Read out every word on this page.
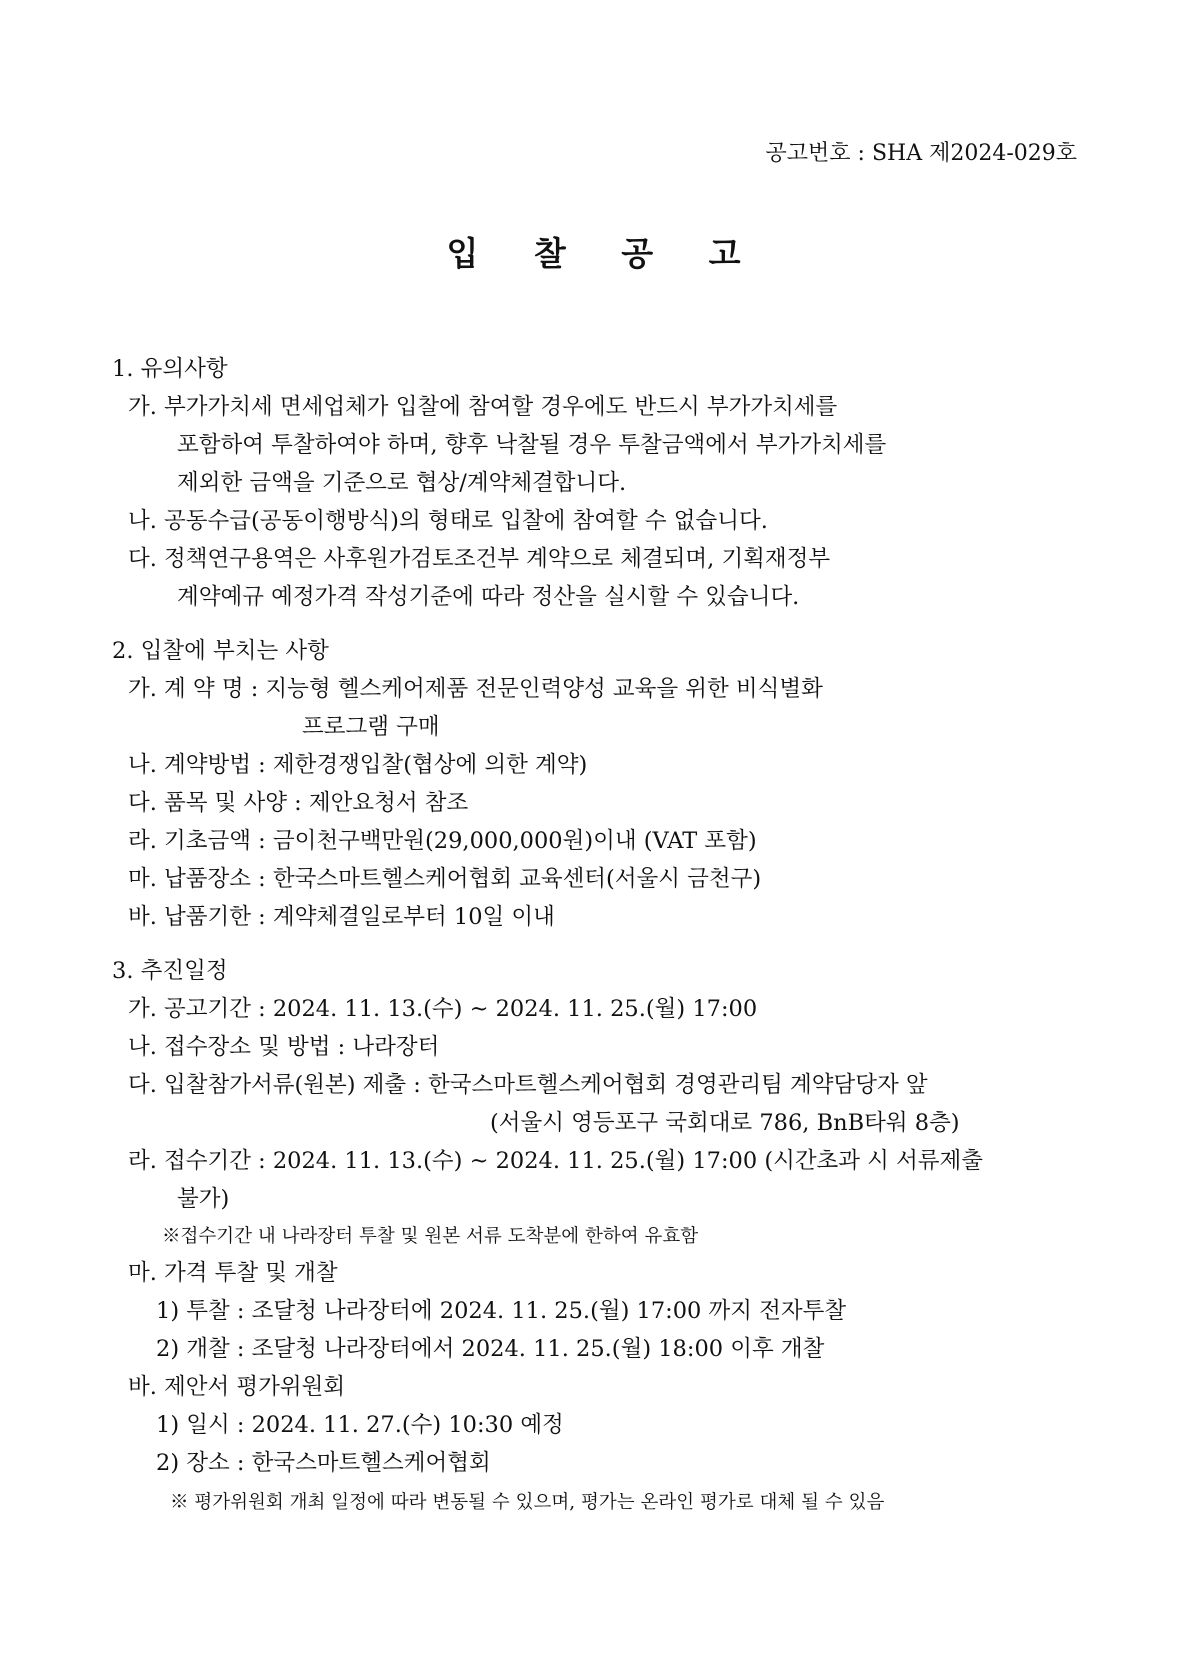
공고번호 : SHA 제2024-029호
입 찰 공 고
1. 유의사항
가. 부가가치세 면세업체가 입찰에 참여할 경우에도 반드시 부가가치세를
포함하여 투찰하여야 하며, 향후 낙찰될 경우 투찰금액에서 부가가치세를
제외한 금액을 기준으로 협상/계약체결합니다.
나. 공동수급(공동이행방식)의 형태로 입찰에 참여할 수 없습니다.
다. 정책연구용역은 사후원가검토조건부 계약으로 체결되며, 기획재정부
계약예규 예정가격 작성기준에 따라 정산을 실시할 수 있습니다.
2. 입찰에 부치는 사항
가. 계 약 명 : 지능형 헬스케어제품 전문인력양성 교육을 위한 비식별화
프로그램 구매
나. 계약방법 : 제한경쟁입찰(협상에 의한 계약)
다. 품목 및 사양 : 제안요청서 참조
라. 기초금액 : 금이천구백만원(29,000,000원)이내 (VAT 포함)
마. 납품장소 : 한국스마트헬스케어협회 교육센터(서울시 금천구)
바. 납품기한 : 계약체결일로부터 10일 이내
3. 추진일정
가. 공고기간 : 2024. 11. 13.(수) ~ 2024. 11. 25.(월) 17:00
나. 접수장소 및 방법 : 나라장터
다. 입찰참가서류(원본) 제출 : 한국스마트헬스케어협회 경영관리팀 계약담당자 앞
(서울시 영등포구 국회대로 786, BnB타워 8층)
라. 접수기간 : 2024. 11. 13.(수) ~ 2024. 11. 25.(월) 17:00 (시간초과 시 서류제출
불가)
※접수기간 내 나라장터 투찰 및 원본 서류 도착분에 한하여 유효함
마. 가격 투찰 및 개찰
1) 투찰 : 조달청 나라장터에 2024. 11. 25.(월) 17:00 까지 전자투찰
2) 개찰 : 조달청 나라장터에서 2024. 11. 25.(월) 18:00 이후 개찰
바. 제안서 평가위원회
1) 일시 : 2024. 11. 27.(수) 10:30 예정
2) 장소 : 한국스마트헬스케어협회
※ 평가위원회 개최 일정에 따라 변동될 수 있으며, 평가는 온라인 평가로 대체 될 수 있음
